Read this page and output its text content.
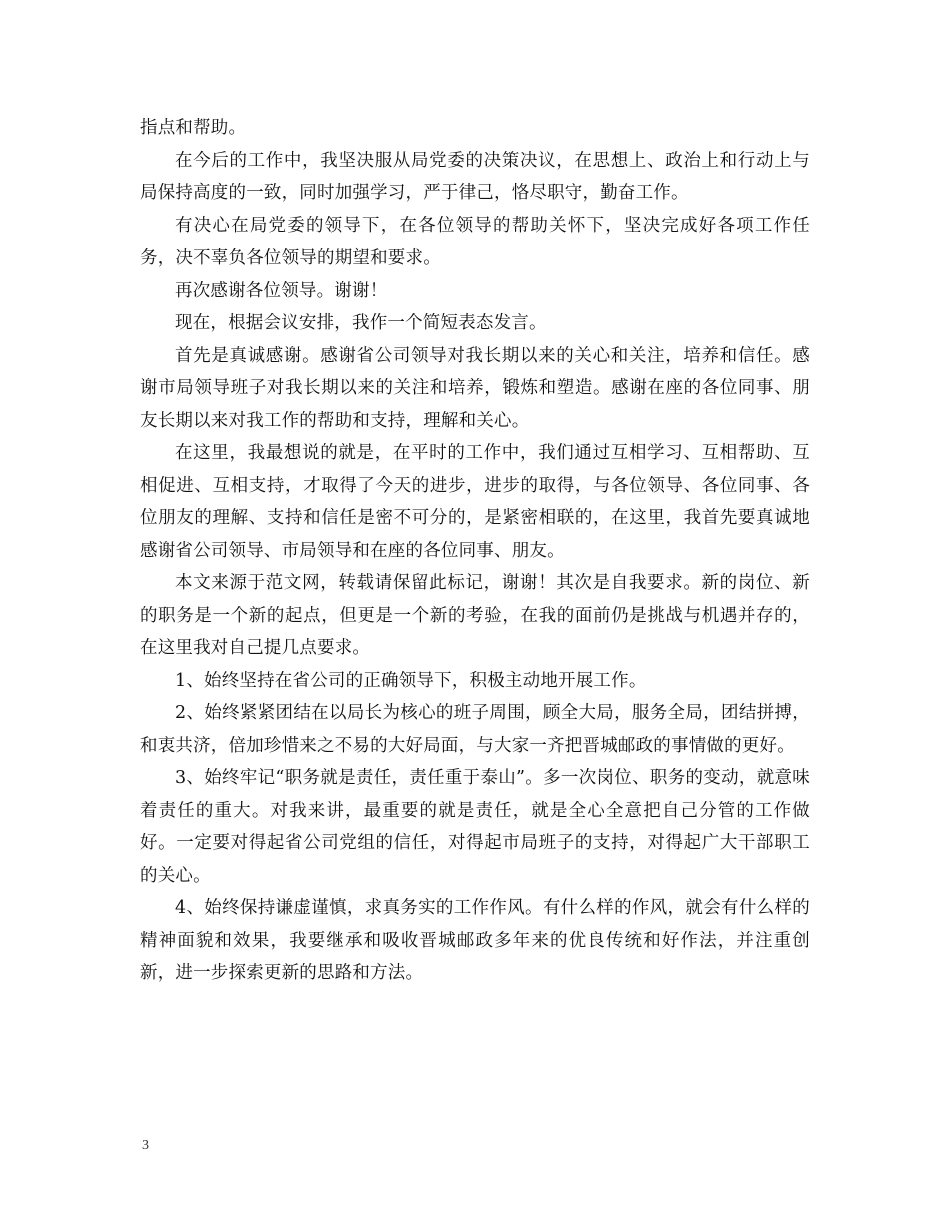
指点和帮助。

在今后的工作中，我坚决服从局党委的决策决议，在思想上、政治上和行动上与局保持高度的一致，同时加强学习，严于律己，恪尽职守，勤奋工作。

有决心在局党委的领导下，在各位领导的帮助关怀下，坚决完成好各项工作任务，决不辜负各位领导的期望和要求。

再次感谢各位领导。谢谢！

现在，根据会议安排，我作一个简短表态发言。

首先是真诚感谢。感谢省公司领导对我长期以来的关心和关注，培养和信任。感谢市局领导班子对我长期以来的关注和培养，锻炼和塑造。感谢在座的各位同事、朋友长期以来对我工作的帮助和支持，理解和关心。

在这里，我最想说的就是，在平时的工作中，我们通过互相学习、互相帮助、互相促进、互相支持，才取得了今天的进步，进步的取得，与各位领导、各位同事、各位朋友的理解、支持和信任是密不可分的，是紧密相联的，在这里，我首先要真诚地感谢省公司领导、市局领导和在座的各位同事、朋友。

本文来源于范文网，转载请保留此标记，谢谢！其次是自我要求。新的岗位、新的职务是一个新的起点，但更是一个新的考验，在我的面前仍是挑战与机遇并存的，在这里我对自己提几点要求。

1、始终坚持在省公司的正确领导下，积极主动地开展工作。

2、始终紧紧团结在以局长为核心的班子周围，顾全大局，服务全局，团结拼搏，和衷共济，倍加珍惜来之不易的大好局面，与大家一齐把晋城邮政的事情做的更好。

3、始终牢记“职务就是责任，责任重于泰山”。多一次岗位、职务的变动，就意味着责任的重大。对我来讲，最重要的就是责任，就是全心全意把自己分管的工作做好。一定要对得起省公司党组的信任，对得起市局班子的支持，对得起广大干部职工的关心。

4、始终保持谦虚谨慎，求真务实的工作作风。有什么样的作风，就会有什么样的精神面貌和效果，我要继承和吸收晋城邮政多年来的优良传统和好作法，并注重创新，进一步探索更新的思路和方法。

3
